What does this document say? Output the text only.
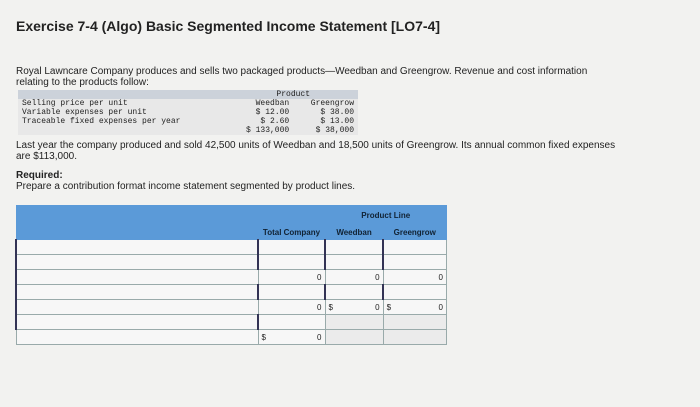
Exercise 7-4 (Algo) Basic Segmented Income Statement [LO7-4]
Royal Lawncare Company produces and sells two packaged products—Weedban and Greengrow. Revenue and cost information relating to the products follow:
	Product	
Selling price per unit	Weedban	Greengrow
Variable expenses per unit	$ 12.00	$ 38.00
Traceable fixed expenses per year	$ 2.60	$ 13.00
	$ 133,000	$ 38,000
Last year the company produced and sold 42,500 units of Weedban and 18,500 units of Greengrow. Its annual common fixed expenses are $113,000.
Required:
Prepare a contribution format income statement segmented by product lines.
		Product Line	
	Total Company	Weedban	Greengrow

	0	0	0

	0	$ 0	$ 0

	$ 0		
